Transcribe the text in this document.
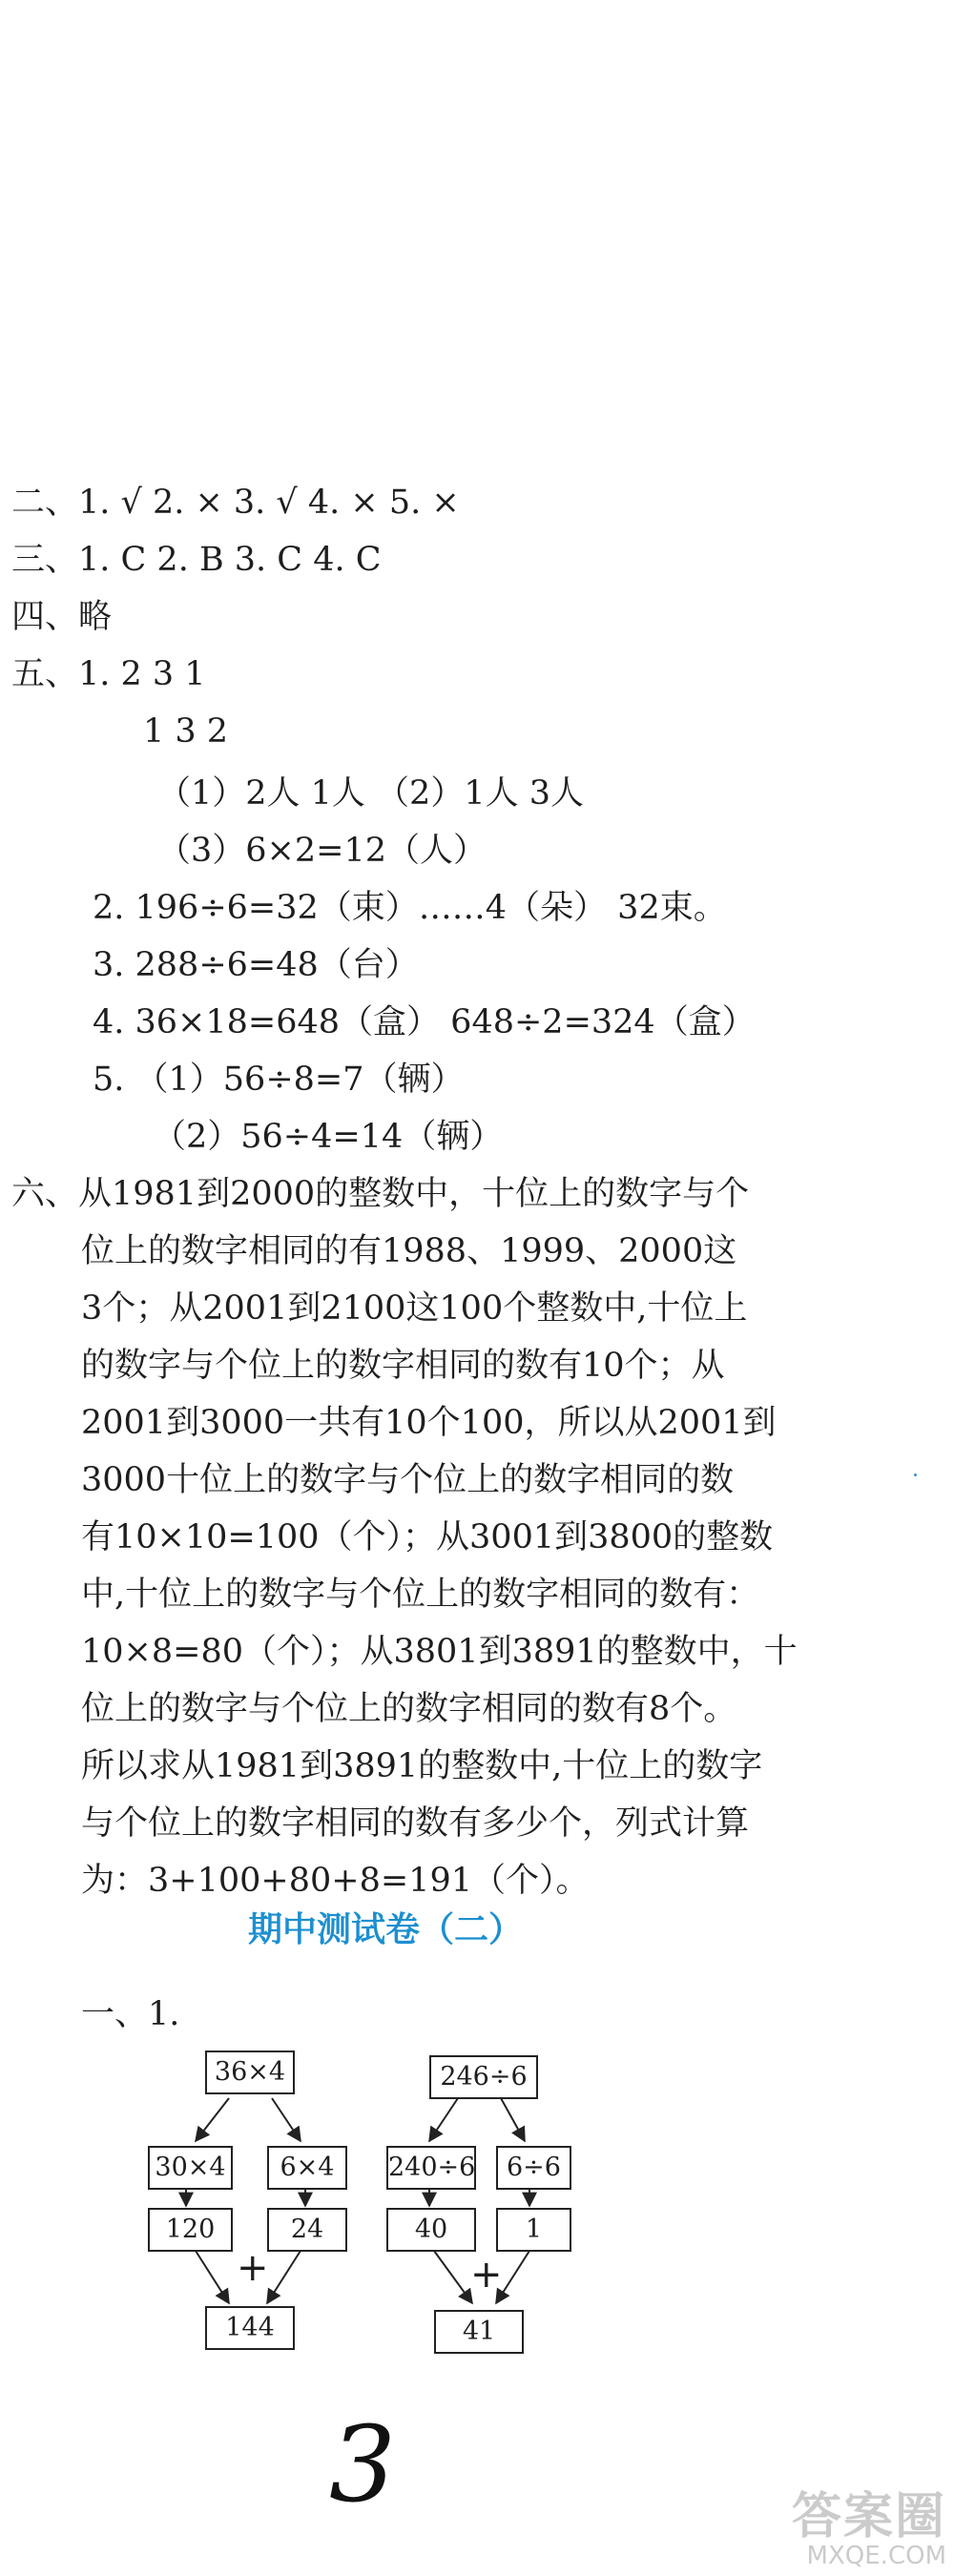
二、1. √ 2. × 3. √ 4. × 5. ×
三、1. C 2. B 3. C 4. C
四、略
五、1. 2 3 1
1 3 2
（1）2人 1人 （2）1人 3人
（3）6×2=12（人）
2. 196÷6=32（束）……4（朵） 32束。
3. 288÷6=48（台）
4. 36×18=648（盒） 648÷2=324（盒）
5. （1）56÷8=7（辆）
（2）56÷4=14（辆）
六、从1981到2000的整数中，十位上的数字与个
位上的数字相同的有1988、1999、2000这
3个；从2001到2100这100个整数中,十位上
的数字与个位上的数字相同的数有10个；从
2001到3000一共有10个100，所以从2001到
3000十位上的数字与个位上的数字相同的数
有10×10=100（个）；从3001到3800的整数
中,十位上的数字与个位上的数字相同的数有：
10×8=80（个）；从3801到3891的整数中，十
位上的数字与个位上的数字相同的数有8个。
所以求从1981到3891的整数中,十位上的数字
与个位上的数字相同的数有多少个，列式计算
为：3+100+80+8=191（个）。
期中测试卷（二）
一、1.
36×4
30×4	6×4
120	24
+
144
246÷6
240÷6	6÷6
40	1
+
41
3	答案圈
MXQE.COM
